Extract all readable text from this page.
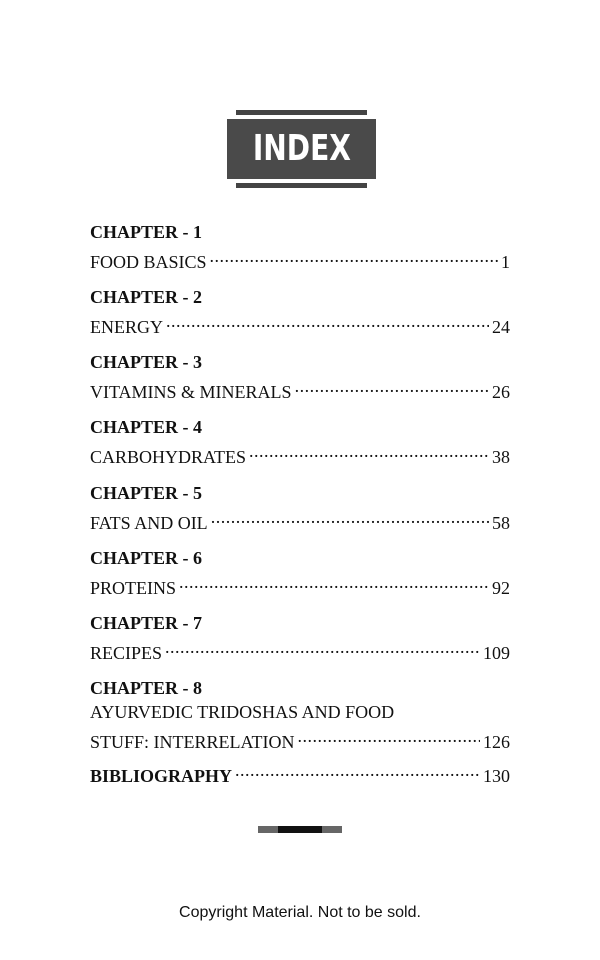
INDEX
CHAPTER - 1
FOOD BASICS .....	1
CHAPTER - 2
ENERGY .....	24
CHAPTER - 3
VITAMINS & MINERALS .....	26
CHAPTER - 4
CARBOHYDRATES .....	38
CHAPTER - 5
FATS AND OIL .....	58
CHAPTER - 6
PROTEINS .....	92
CHAPTER - 7
RECIPES .....	109
CHAPTER - 8
AYURVEDIC TRIDOSHAS AND FOOD
STUFF: INTERRELATION .....	126
BIBLIOGRAPHY .....	130
Copyright Material. Not to be sold.
